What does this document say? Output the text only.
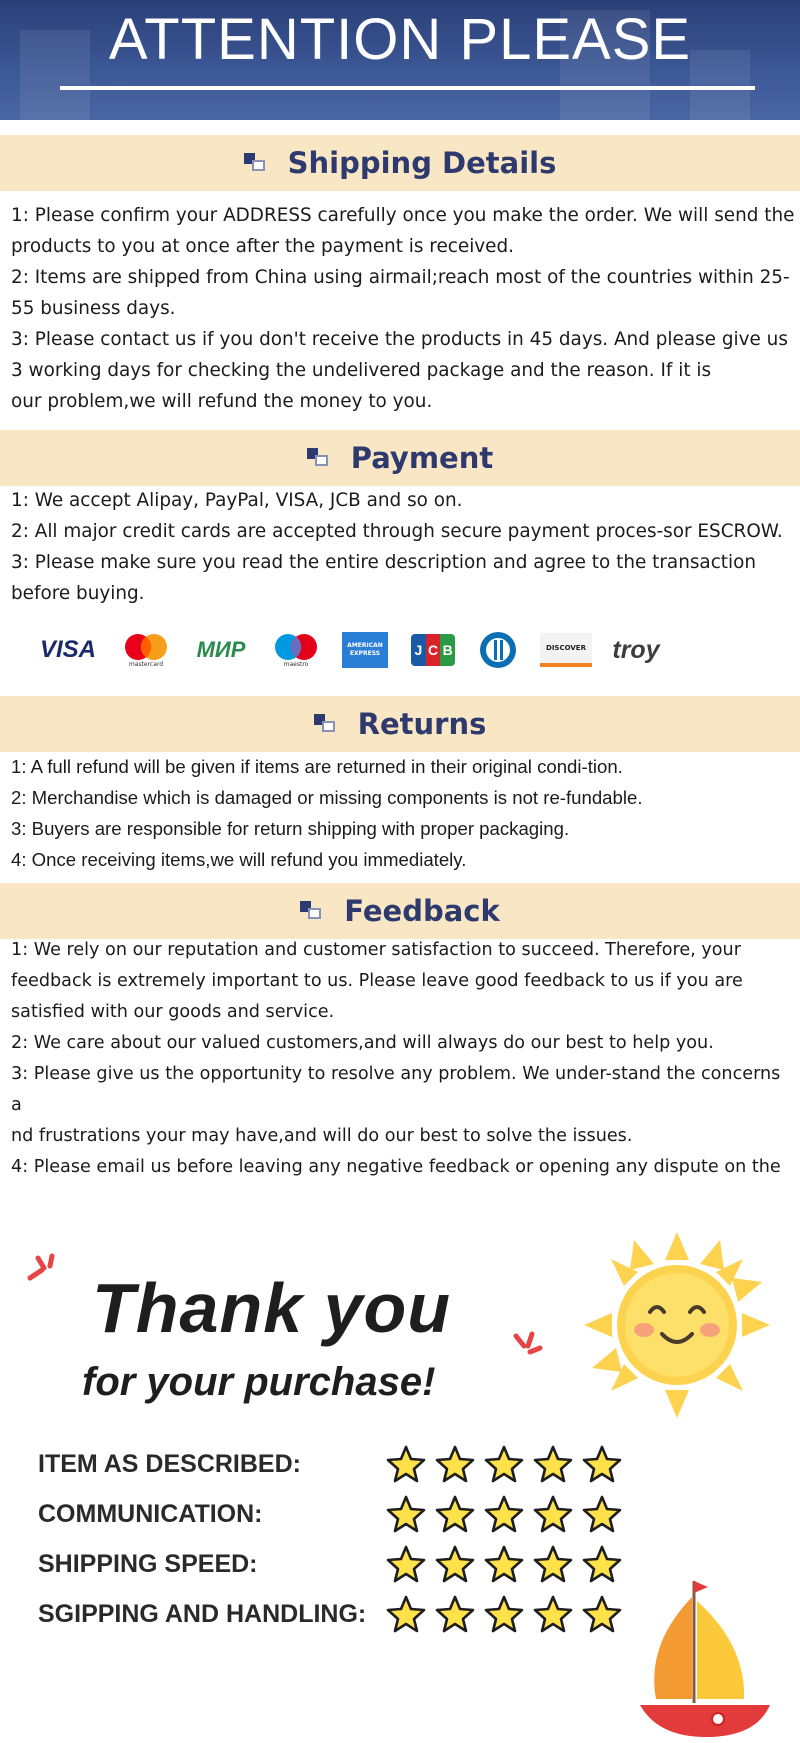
ATTENTION PLEASE
Shipping Details

1: Please confirm your ADDRESS carefully once you make the order. We will send the

products to you at once after the payment is received.

2: Items are shipped from China using airmail;reach most of the countries within 25-

55 business days.

3: Please contact us if you don't receive the products in 45 days. And please give us

3 working days for checking the undelivered package and the reason. If it is

our problem,we will refund the money to you.

Payment

1: We accept Alipay, PayPal, VISA, JCB and so on.

2: All major credit cards are accepted through secure payment proces-sor ESCROW.

3: Please make sure you read the entire description and agree to the transaction

before buying.

VISA
mastercard
МИР
maestro
AMERICAN
EXPRESS J C B	DISCOVER troy
Returns

1: A full refund will be given if items are returned in their original condi-tion.

2: Merchandise which is damaged or missing components is not re-fundable.

3: Buyers are responsible for return shipping with proper packaging.

4: Once receiving items,we will refund you immediately.

Feedback

1: We rely on our reputation and customer satisfaction to succeed. Therefore, your

feedback is extremely important to us. Please leave good feedback to us if you are

satisfied with our goods and service.

2: We care about our valued customers,and will always do our best to help you.

3: Please give us the opportunity to resolve any problem. We under-stand the concerns a

nd frustrations your may have,and will do our best to solve the issues.

4: Please email us before leaving any negative feedback or opening any dispute on the

Thank you
for your purchase!
ITEM AS DESCRIBED:
COMMUNICATION:
SHIPPING SPEED:
SGIPPING AND HANDLING:
